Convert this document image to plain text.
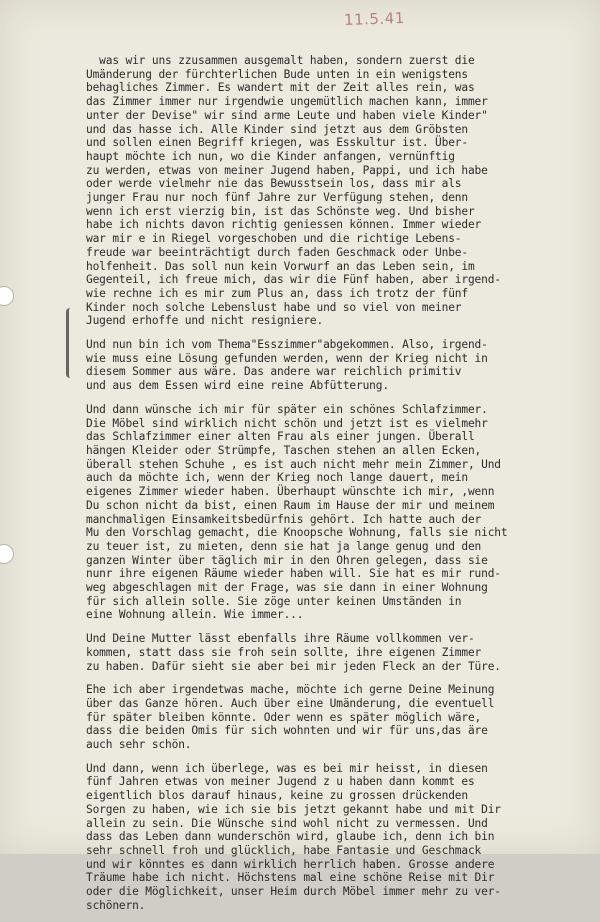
11.5.41
was wir uns zzusammen ausgemalt haben, sondern zuerst die
Umänderung der fürchterlichen Bude unten in ein wenigstens
behagliches Zimmer. Es wandert mit der Zeit alles rein, was
das Zimmer immer nur irgendwie ungemütlich machen kann, immer
unter der Devise" wir sind arme Leute und haben viele Kinder"
und das hasse ich. Alle Kinder sind jetzt aus dem Gröbsten
und sollen einen Begriff kriegen, was Esskultur ist. Über-
haupt möchte ich nun, wo die Kinder anfangen, vernünftig
zu werden, etwas von meiner Jugend haben, Pappi, und ich habe
oder werde vielmehr nie das Bewusstsein los, dass mir als
junger Frau nur noch fünf Jahre zur Verfügung stehen, denn
wenn ich erst vierzig bin, ist das Schönste weg. Und bisher
habe ich nichts davon richtig geniessen können. Immer wieder
war mir e in Riegel vorgeschoben und die richtige Lebens-
freude war beeinträchtigt durch faden Geschmack oder Unbe-
holfenheit. Das soll nun kein Vorwurf an das Leben sein, im
Gegenteil, ich freue mich, das wir die Fünf haben, aber irgend-
wie rechne ich es mir zum Plus an, dass ich trotz der fünf
Kinder noch solche Lebenslust habe und so viel von meiner
Jugend erhoffe und nicht resigniere.
Und nun bin ich vom Thema"Esszimmer"abgekommen. Also, irgend-
wie muss eine Lösung gefunden werden, wenn der Krieg nicht in
diesem Sommer aus wäre. Das andere war reichlich primitiv
und aus dem Essen wird eine reine Abfütterung.
Und dann wünsche ich mir für später ein schönes Schlafzimmer.
Die Möbel sind wirklich nicht schön und jetzt ist es vielmehr
das Schlafzimmer einer alten Frau als einer jungen. Überall
hängen Kleider oder Strümpfe, Taschen stehen an allen Ecken,
überall stehen Schuhe , es ist auch nicht mehr mein Zimmer, Und
auch da möchte ich, wenn der Krieg noch lange dauert, mein
eigenes Zimmer wieder haben. Überhaupt wünschte ich mir, ,wenn
Du schon nicht da bist, einen Raum im Hause der mir und meinem
manchmaligen Einsamkeitsbedürfnis gehört. Ich hatte auch der
Mu den Vorschlag gemacht, die Knoopsche Wohnung, falls sie nicht
zu teuer ist, zu mieten, denn sie hat ja lange genug und den
ganzen Winter über täglich mir in den Ohren gelegen, dass sie
nunr ihre eigenen Räume wieder haben will. Sie hat es mir rund-
weg abgeschlagen mit der Frage, was sie dann in einer Wohnung
für sich allein solle. Sie zöge unter keinen Umständen in
eine Wohnung allein. Wie immer...
Und Deine Mutter lässt ebenfalls ihre Räume vollkommen ver-
kommen, statt dass sie froh sein sollte, ihre eigenen Zimmer
zu haben. Dafür sieht sie aber bei mir jeden Fleck an der Türe.
Ehe ich aber irgendetwas mache, möchte ich gerne Deine Meinung
über das Ganze hören. Auch über eine Umänderung, die eventuell
für später bleiben könnte. Oder wenn es später möglich wäre,
dass die beiden Omis für sich wohnten und wir für uns,das äre
auch sehr schön.
Und dann, wenn ich überlege, was es bei mir heisst, in diesen
fünf Jahren etwas von meiner Jugend z u haben dann kommt es
eigentlich blos darauf hinaus, keine zu grossen drückenden
Sorgen zu haben, wie ich sie bis jetzt gekannt habe und mit Dir
allein zu sein. Die Wünsche sind wohl nicht zu vermessen. Und
dass das Leben dann wunderschön wird, glaube ich, denn ich bin
sehr schnell froh und glücklich, habe Fantasie und Geschmack
und wir könntes es dann wirklich herrlich haben. Grosse andere
Träume habe ich nicht. Höchstens mal eine schöne Reise mit Dir
oder die Möglichkeit, unser Heim durch Möbel immer mehr zu ver-
schönern.
